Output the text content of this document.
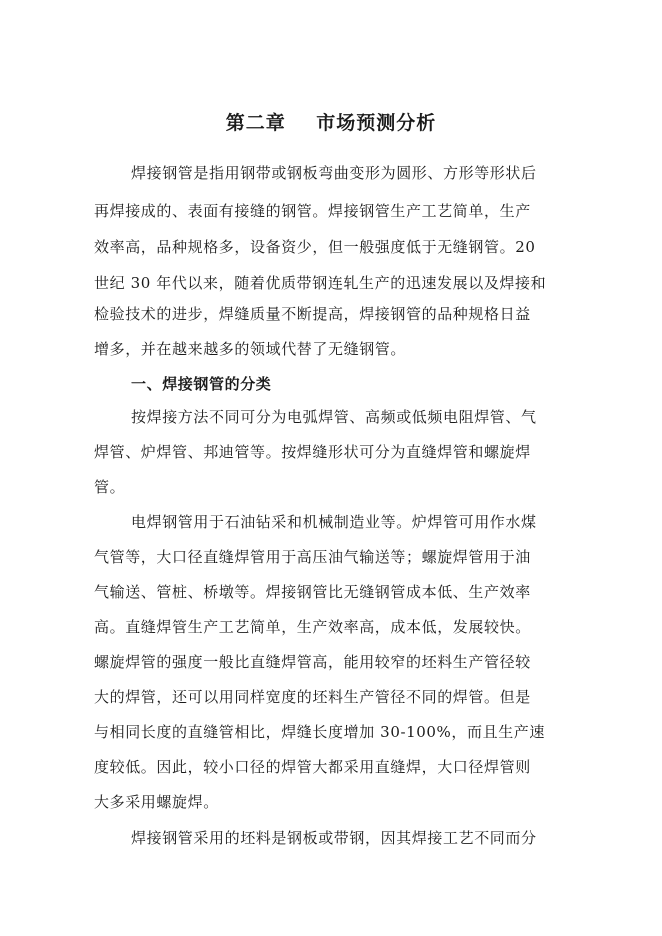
第二章    市场预测分析
焊接钢管是指用钢带或钢板弯曲变形为圆形、方形等形状后
再焊接成的、表面有接缝的钢管。焊接钢管生产工艺简单，生产
效率高，品种规格多，设备资少，但一般强度低于无缝钢管。20
世纪 30 年代以来，随着优质带钢连轧生产的迅速发展以及焊接和
检验技术的进步，焊缝质量不断提高，焊接钢管的品种规格日益
增多，并在越来越多的领域代替了无缝钢管。
一、焊接钢管的分类
按焊接方法不同可分为电弧焊管、高频或低频电阻焊管、气
焊管、炉焊管、邦迪管等。按焊缝形状可分为直缝焊管和螺旋焊
管。
电焊钢管用于石油钻采和机械制造业等。炉焊管可用作水煤
气管等，大口径直缝焊管用于高压油气输送等；螺旋焊管用于油
气输送、管桩、桥墩等。焊接钢管比无缝钢管成本低、生产效率
高。直缝焊管生产工艺简单，生产效率高，成本低，发展较快。
螺旋焊管的强度一般比直缝焊管高，能用较窄的坯料生产管径较
大的焊管，还可以用同样宽度的坯料生产管径不同的焊管。但是
与相同长度的直缝管相比，焊缝长度增加 30-100%，而且生产速
度较低。因此，较小口径的焊管大都采用直缝焊，大口径焊管则
大多采用螺旋焊。
焊接钢管采用的坯料是钢板或带钢，因其焊接工艺不同而分
